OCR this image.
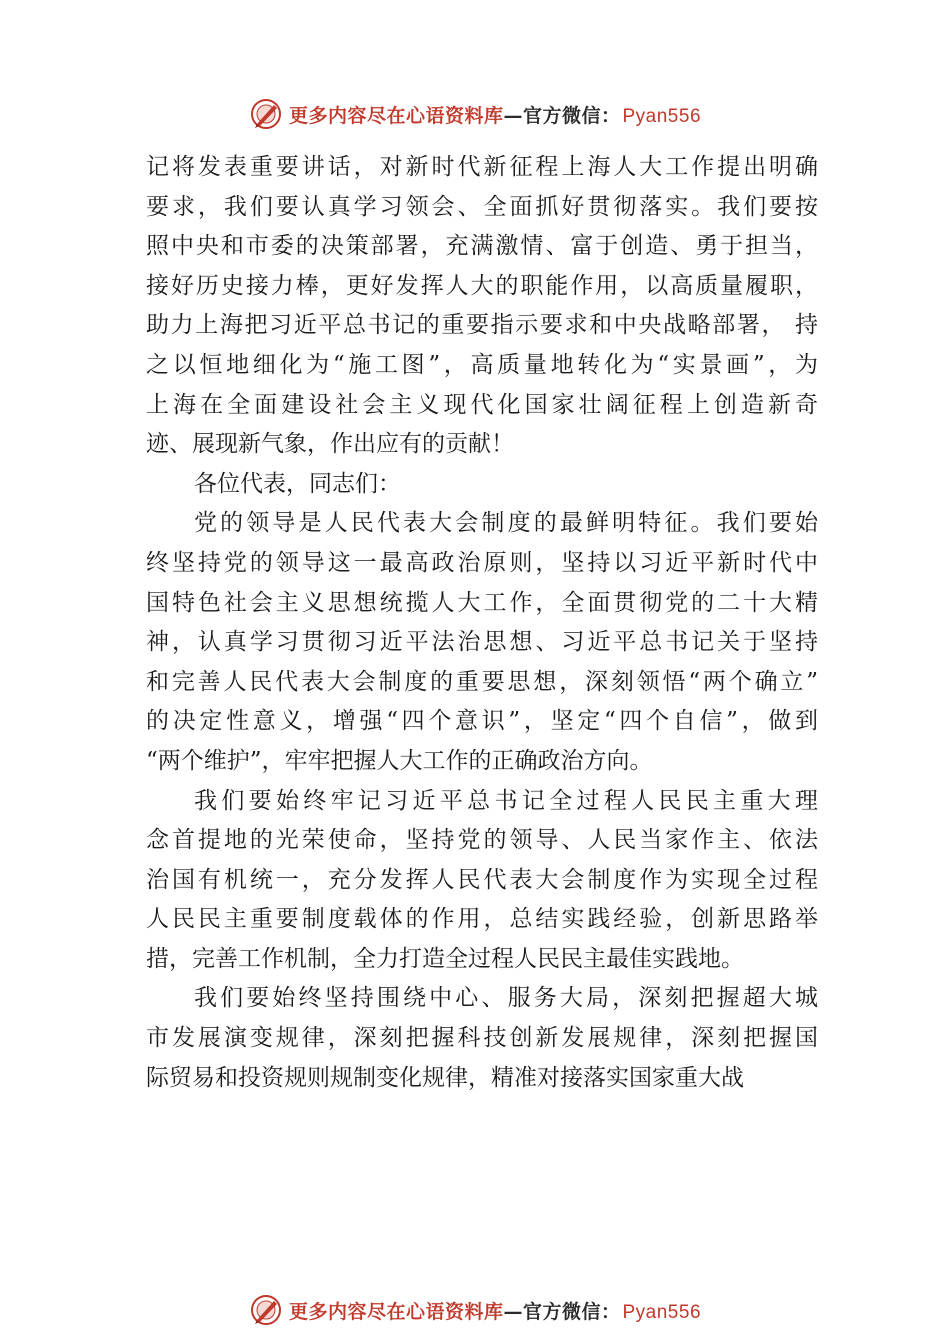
更多内容尽在心语资料库—官方微信： Pyan556
记将发表重要讲话，对新时代新征程上海人大工作提出明确
要求，我们要认真学习领会、全面抓好贯彻落实。我们要按
照中央和市委的决策部署，充满激情、富于创造、勇于担当，
接好历史接力棒，更好发挥人大的职能作用，以高质量履职，
助力上海把习近平总书记的重要指示要求和中央战略部署， 持
之以恒地细化为“施工图”，高质量地转化为“实景画”，为
上海在全面建设社会主义现代化国家壮阔征程上创造新奇
迹、展现新气象，作出应有的贡献！
各位代表，同志们：
党的领导是人民代表大会制度的最鲜明特征。我们要始
终坚持党的领导这一最高政治原则，坚持以习近平新时代中
国特色社会主义思想统揽人大工作，全面贯彻党的二十大精
神，认真学习贯彻习近平法治思想、习近平总书记关于坚持
和完善人民代表大会制度的重要思想，深刻领悟“两个确立”
的决定性意义，增强“四个意识”，坚定“四个自信”，做到
“两个维护”，牢牢把握人大工作的正确政治方向。
我们要始终牢记习近平总书记全过程人民民主重大理
念首提地的光荣使命，坚持党的领导、人民当家作主、依法
治国有机统一，充分发挥人民代表大会制度作为实现全过程
人民民主重要制度载体的作用，总结实践经验，创新思路举
措，完善工作机制，全力打造全过程人民民主最佳实践地。
我们要始终坚持围绕中心、服务大局，深刻把握超大城
市发展演变规律，深刻把握科技创新发展规律，深刻把握国
际贸易和投资规则规制变化规律，精准对接落实国家重大战
更多内容尽在心语资料库—官方微信： Pyan556
